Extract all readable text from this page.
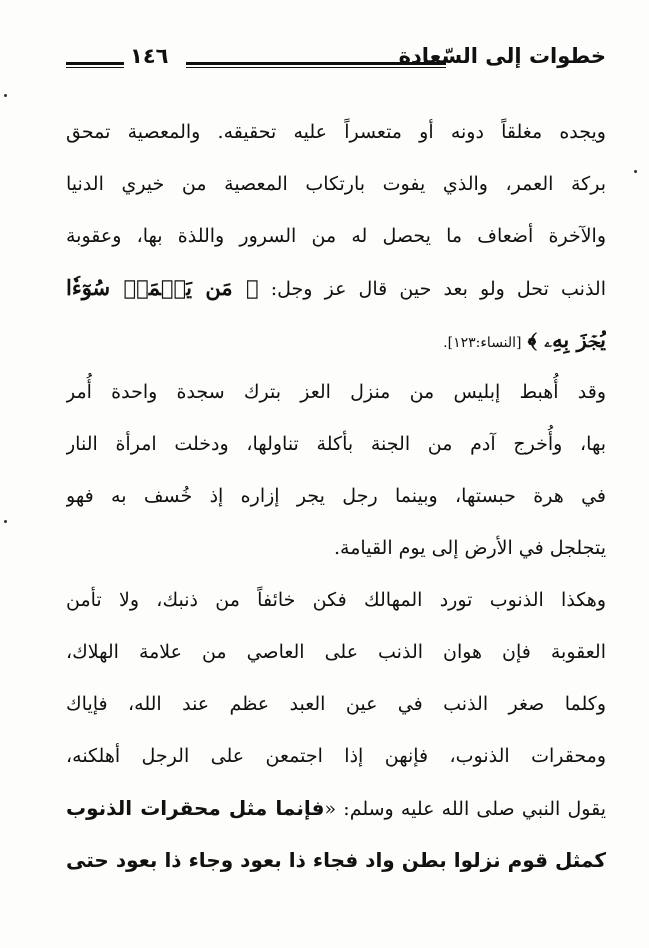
خطوات إلى السّعادة
١٤٦
ويجده مغلقاً دونه أو متعسراً عليه تحقيقه. والمعصية تمحق
بركة العمر، والذي يفوت بارتكاب المعصية من خيري الدنيا
والآخرة أضعاف ما يحصل له من السرور واللذة بها، وعقوبة
الذنب تحل ولو بعد حين قال عز وجل: ﴿ مَن يَعۡمَلۡ سُوٓءٗا
يُجۡزَ بِهِۦ ﴾ [النساء:١٢٣].
وقد أُهبط إبليس من منزل العز بترك سجدة واحدة أُمر
بها، وأُخرج آدم من الجنة بأكلة تناولها، ودخلت امرأة النار
في هرة حبستها، وبينما رجل يجر إزاره إذ خُسف به فهو
يتجلجل في الأرض إلى يوم القيامة.
وهكذا الذنوب تورد المهالك فكن خائفاً من ذنبك، ولا تأمن
العقوبة فإن هوان الذنب على العاصي من علامة الهلاك،
وكلما صغر الذنب في عين العبد عظم عند الله، فإياك
ومحقرات الذنوب، فإنهن إذا اجتمعن على الرجل أهلكنه،
يقول النبي صلى الله عليه وسلم: «فإنما مثل محقرات الذنوب
كمثل قوم نزلوا بطن واد فجاء ذا بعود وجاء ذا بعود حتى
